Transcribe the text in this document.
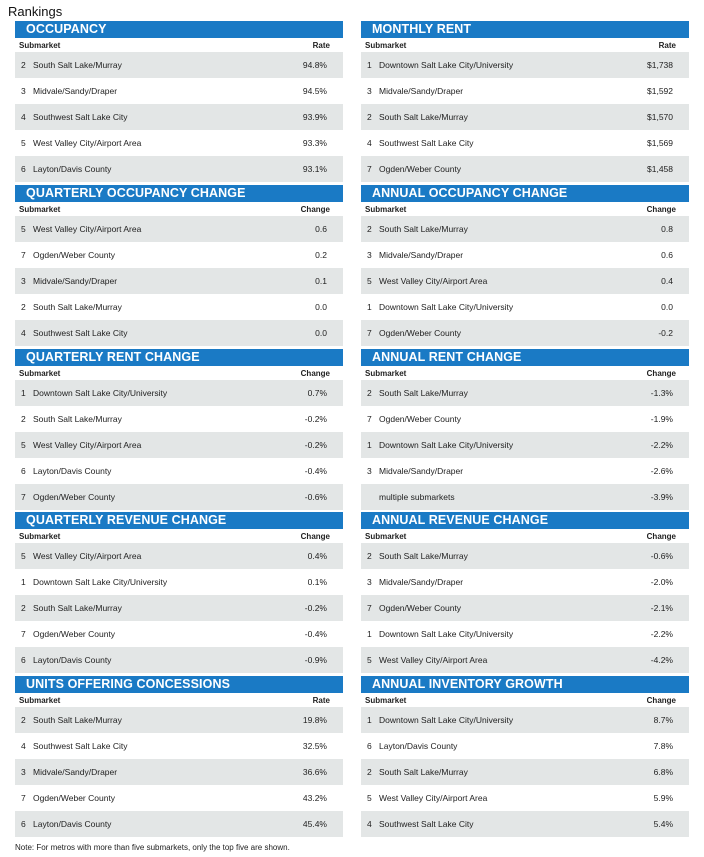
Rankings
OCCUPANCY
Submarket	Rate
2 South Salt Lake/Murray	94.8%
3 Midvale/Sandy/Draper	94.5%
4 Southwest Salt Lake City	93.9%
5 West Valley City/Airport Area	93.3%
6 Layton/Davis County	93.1%
MONTHLY RENT
Submarket	Rate
1 Downtown Salt Lake City/University	$1,738
3 Midvale/Sandy/Draper	$1,592
2 South Salt Lake/Murray	$1,570
4 Southwest Salt Lake City	$1,569
7 Ogden/Weber County	$1,458
QUARTERLY OCCUPANCY CHANGE
Submarket	Change
5 West Valley City/Airport Area	0.6
7 Ogden/Weber County	0.2
3 Midvale/Sandy/Draper	0.1
2 South Salt Lake/Murray	0.0
4 Southwest Salt Lake City	0.0
ANNUAL OCCUPANCY CHANGE
Submarket	Change
2 South Salt Lake/Murray	0.8
3 Midvale/Sandy/Draper	0.6
5 West Valley City/Airport Area	0.4
1 Downtown Salt Lake City/University	0.0
7 Ogden/Weber County	-0.2
QUARTERLY RENT CHANGE
Submarket	Change
1 Downtown Salt Lake City/University	0.7%
2 South Salt Lake/Murray	-0.2%
5 West Valley City/Airport Area	-0.2%
6 Layton/Davis County	-0.4%
7 Ogden/Weber County	-0.6%
ANNUAL RENT CHANGE
Submarket	Change
2 South Salt Lake/Murray	-1.3%
7 Ogden/Weber County	-1.9%
1 Downtown Salt Lake City/University	-2.2%
3 Midvale/Sandy/Draper	-2.6%
multiple submarkets	-3.9%
QUARTERLY REVENUE CHANGE
Submarket	Change
5 West Valley City/Airport Area	0.4%
1 Downtown Salt Lake City/University	0.1%
2 South Salt Lake/Murray	-0.2%
7 Ogden/Weber County	-0.4%
6 Layton/Davis County	-0.9%
ANNUAL REVENUE CHANGE
Submarket	Change
2 South Salt Lake/Murray	-0.6%
3 Midvale/Sandy/Draper	-2.0%
7 Ogden/Weber County	-2.1%
1 Downtown Salt Lake City/University	-2.2%
5 West Valley City/Airport Area	-4.2%
UNITS OFFERING CONCESSIONS
Submarket	Rate
2 South Salt Lake/Murray	19.8%
4 Southwest Salt Lake City	32.5%
3 Midvale/Sandy/Draper	36.6%
7 Ogden/Weber County	43.2%
6 Layton/Davis County	45.4%
ANNUAL INVENTORY GROWTH
Submarket	Change
1 Downtown Salt Lake City/University	8.7%
6 Layton/Davis County	7.8%
2 South Salt Lake/Murray	6.8%
5 West Valley City/Airport Area	5.9%
4 Southwest Salt Lake City	5.4%
Note: For metros with more than five submarkets, only the top five are shown.
